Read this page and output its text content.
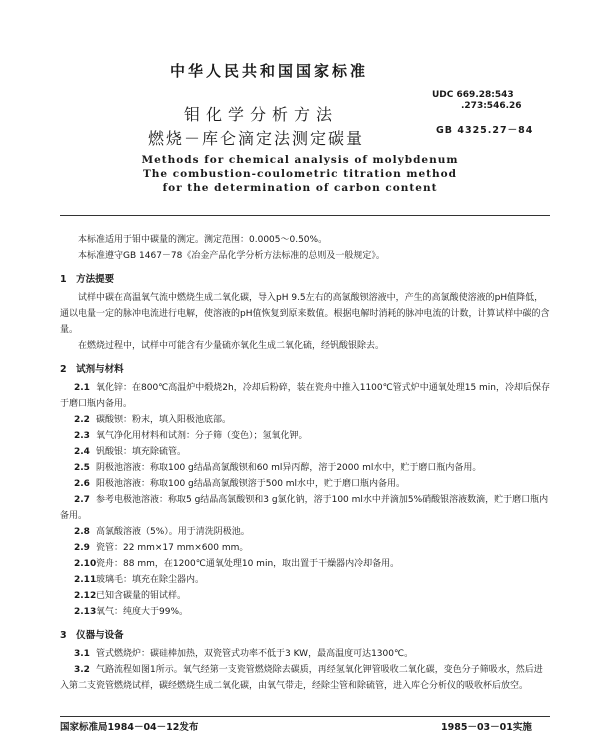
中华人民共和国国家标准
UDC 669.28:543
.273:546.26
GB 4325.27－84
钼化学分析方法
燃烧－库仑滴定法测定碳量
Methods for chemical analysis of molybdenum
The combustion-coulometric titration method
for the determination of carbon content

本标准适用于钼中碳量的测定。测定范围：0.0005～0.50%。

本标准遵守GB 1467－78《冶金产品化学分析方法标准的总则及一般规定》。

1　方法提要

试样中碳在高温氧气流中燃烧生成二氧化碳，导入pH 9.5左右的高氯酸钡溶液中，产生的高氯酸使溶液的pH值降低，通以电量一定的脉冲电流进行电解，使溶液的pH值恢复到原来数值。根据电解时消耗的脉冲电流的计数，计算试样中碳的含量。

在燃烧过程中，试样中可能含有少量硫亦氧化生成二氧化硫，经钒酸银除去。

2　试剂与材料

2.1 氧化锌：在800℃高温炉中煅烧2h，冷却后粉碎，装在瓷舟中推入1100℃管式炉中通氧处理15 min，冷却后保存于磨口瓶内备用。

2.2 碳酸钡：粉末，填入阳极池底部。

2.3 氧气净化用材料和试剂：分子筛（变色）；氢氧化钾。

2.4 钒酸银：填充除硫管。

2.5 阴极池溶液：称取100 g结晶高氯酸钡和60 ml异丙醇，溶于2000 ml水中，贮于磨口瓶内备用。

2.6 阳极池溶液：称取100 g结晶高氯酸钡溶于500 ml水中，贮于磨口瓶内备用。

2.7 参考电极池溶液：称取5 g结晶高氯酸钡和3 g氯化钠，溶于100 ml水中并滴加5%硝酸银溶液数滴，贮于磨口瓶内备用。

2.8 高氯酸溶液（5%）。用于清洗阴极池。

2.9 瓷管：22 mm×17 mm×600 mm。

2.10瓷舟：88 mm，在1200℃通氧处理10 min，取出置于干燥器内冷却备用。

2.11玻璃毛：填充在除尘器内。

2.12已知含碳量的钼试样。

2.13氧气：纯度大于99%。

3　仪器与设备

3.1 管式燃烧炉：碳硅棒加热，双瓷管式功率不低于3 KW，最高温度可达1300℃。

3.2 气路流程如图1所示。氧气经第一支瓷管燃烧除去碳质，再经氢氧化钾管吸收二氧化碳，变色分子筛吸水，然后进入第二支瓷管燃烧试样，碳经燃烧生成二氧化碳，由氧气带走，经除尘管和除硫管，进入库仑分析仪的吸收杯后放空。

国家标准局1984－04－12发布	1985－03－01实施
